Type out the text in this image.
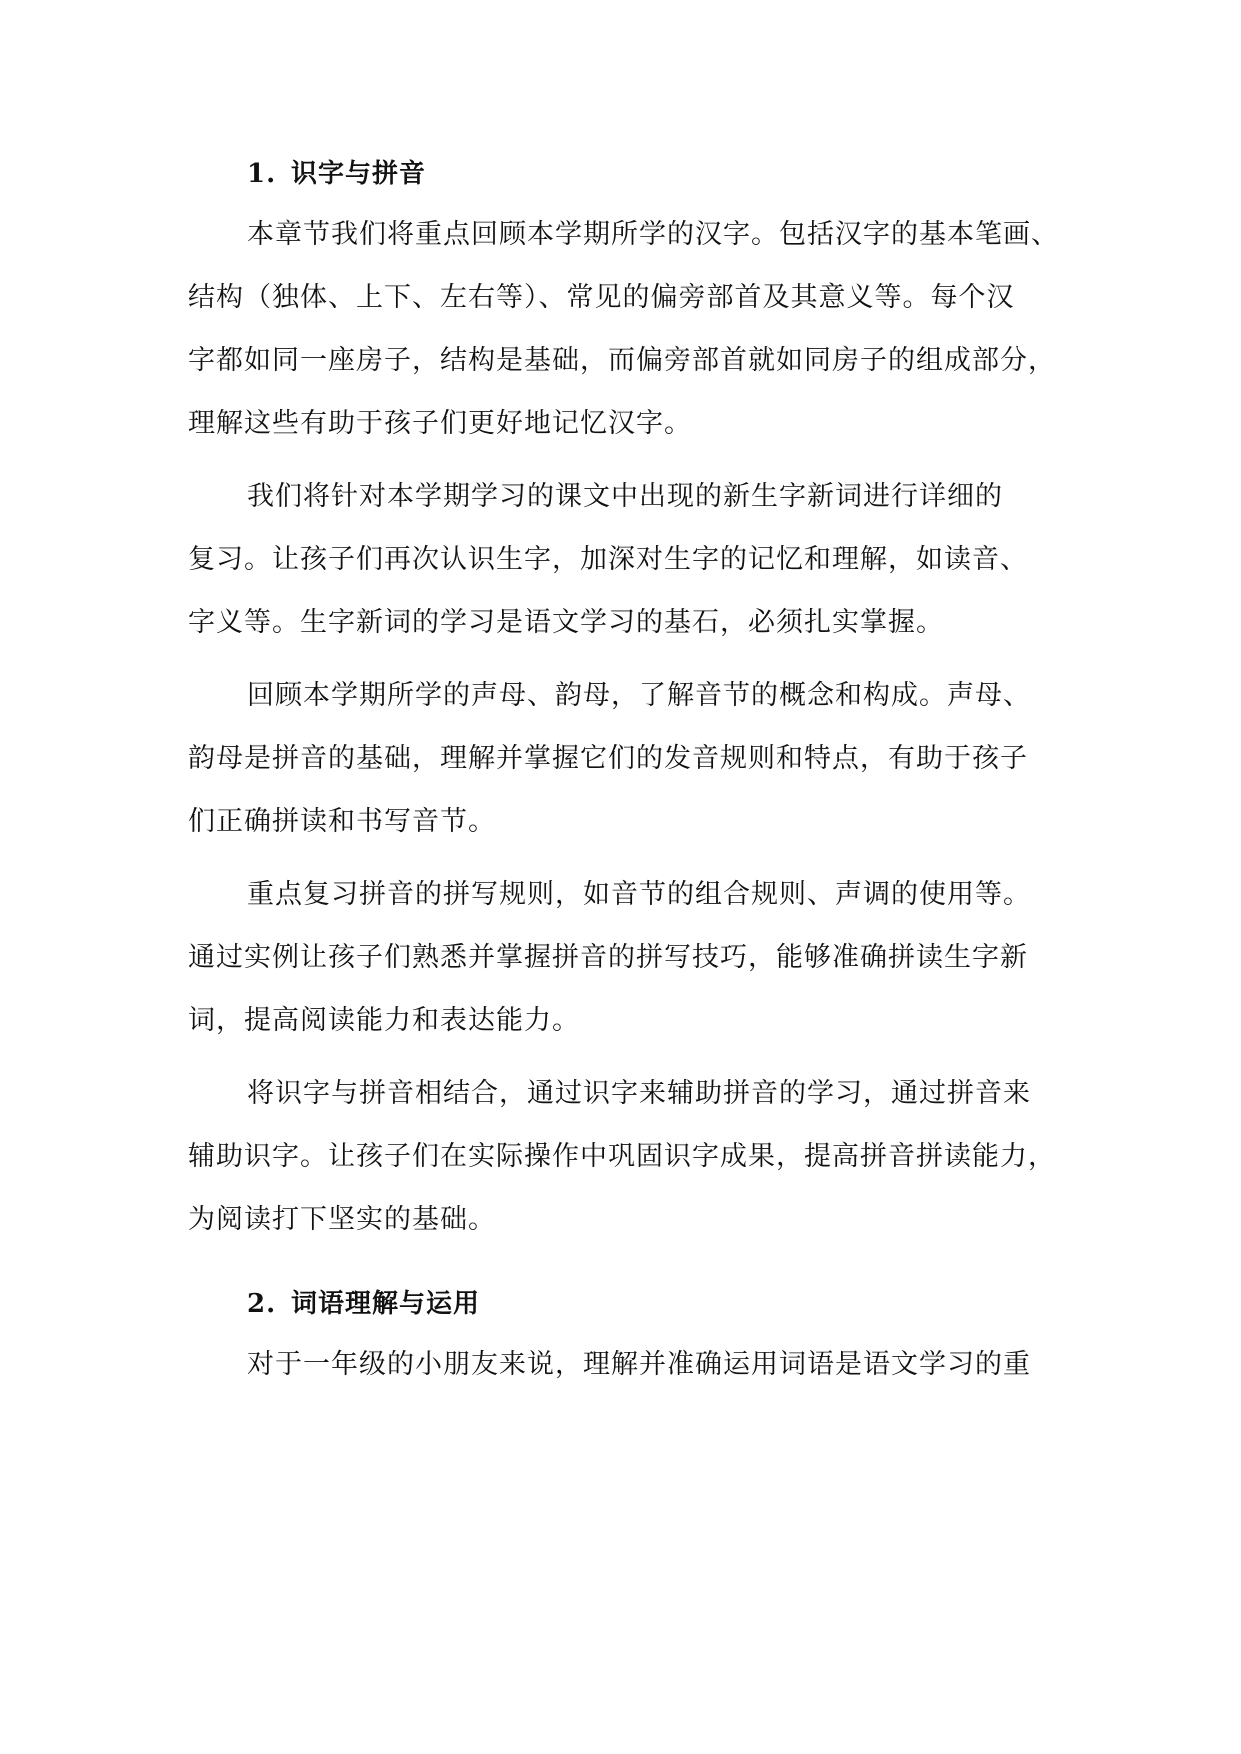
1. 识字与拼音
本章节我们将重点回顾本学期所学的汉字。包括汉字的基本笔画、
结构（独体、上下、左右等）、常见的偏旁部首及其意义等。每个汉
字都如同一座房子，结构是基础，而偏旁部首就如同房子的组成部分，
理解这些有助于孩子们更好地记忆汉字。
我们将针对本学期学习的课文中出现的新生字新词进行详细的
复习。让孩子们再次认识生字，加深对生字的记忆和理解，如读音、
字义等。生字新词的学习是语文学习的基石，必须扎实掌握。
回顾本学期所学的声母、韵母，了解音节的概念和构成。声母、
韵母是拼音的基础，理解并掌握它们的发音规则和特点，有助于孩子
们正确拼读和书写音节。
重点复习拼音的拼写规则，如音节的组合规则、声调的使用等。
通过实例让孩子们熟悉并掌握拼音的拼写技巧，能够准确拼读生字新
词，提高阅读能力和表达能力。
将识字与拼音相结合，通过识字来辅助拼音的学习，通过拼音来
辅助识字。让孩子们在实际操作中巩固识字成果，提高拼音拼读能力，
为阅读打下坚实的基础。
2. 词语理解与运用
对于一年级的小朋友来说，理解并准确运用词语是语文学习的重
